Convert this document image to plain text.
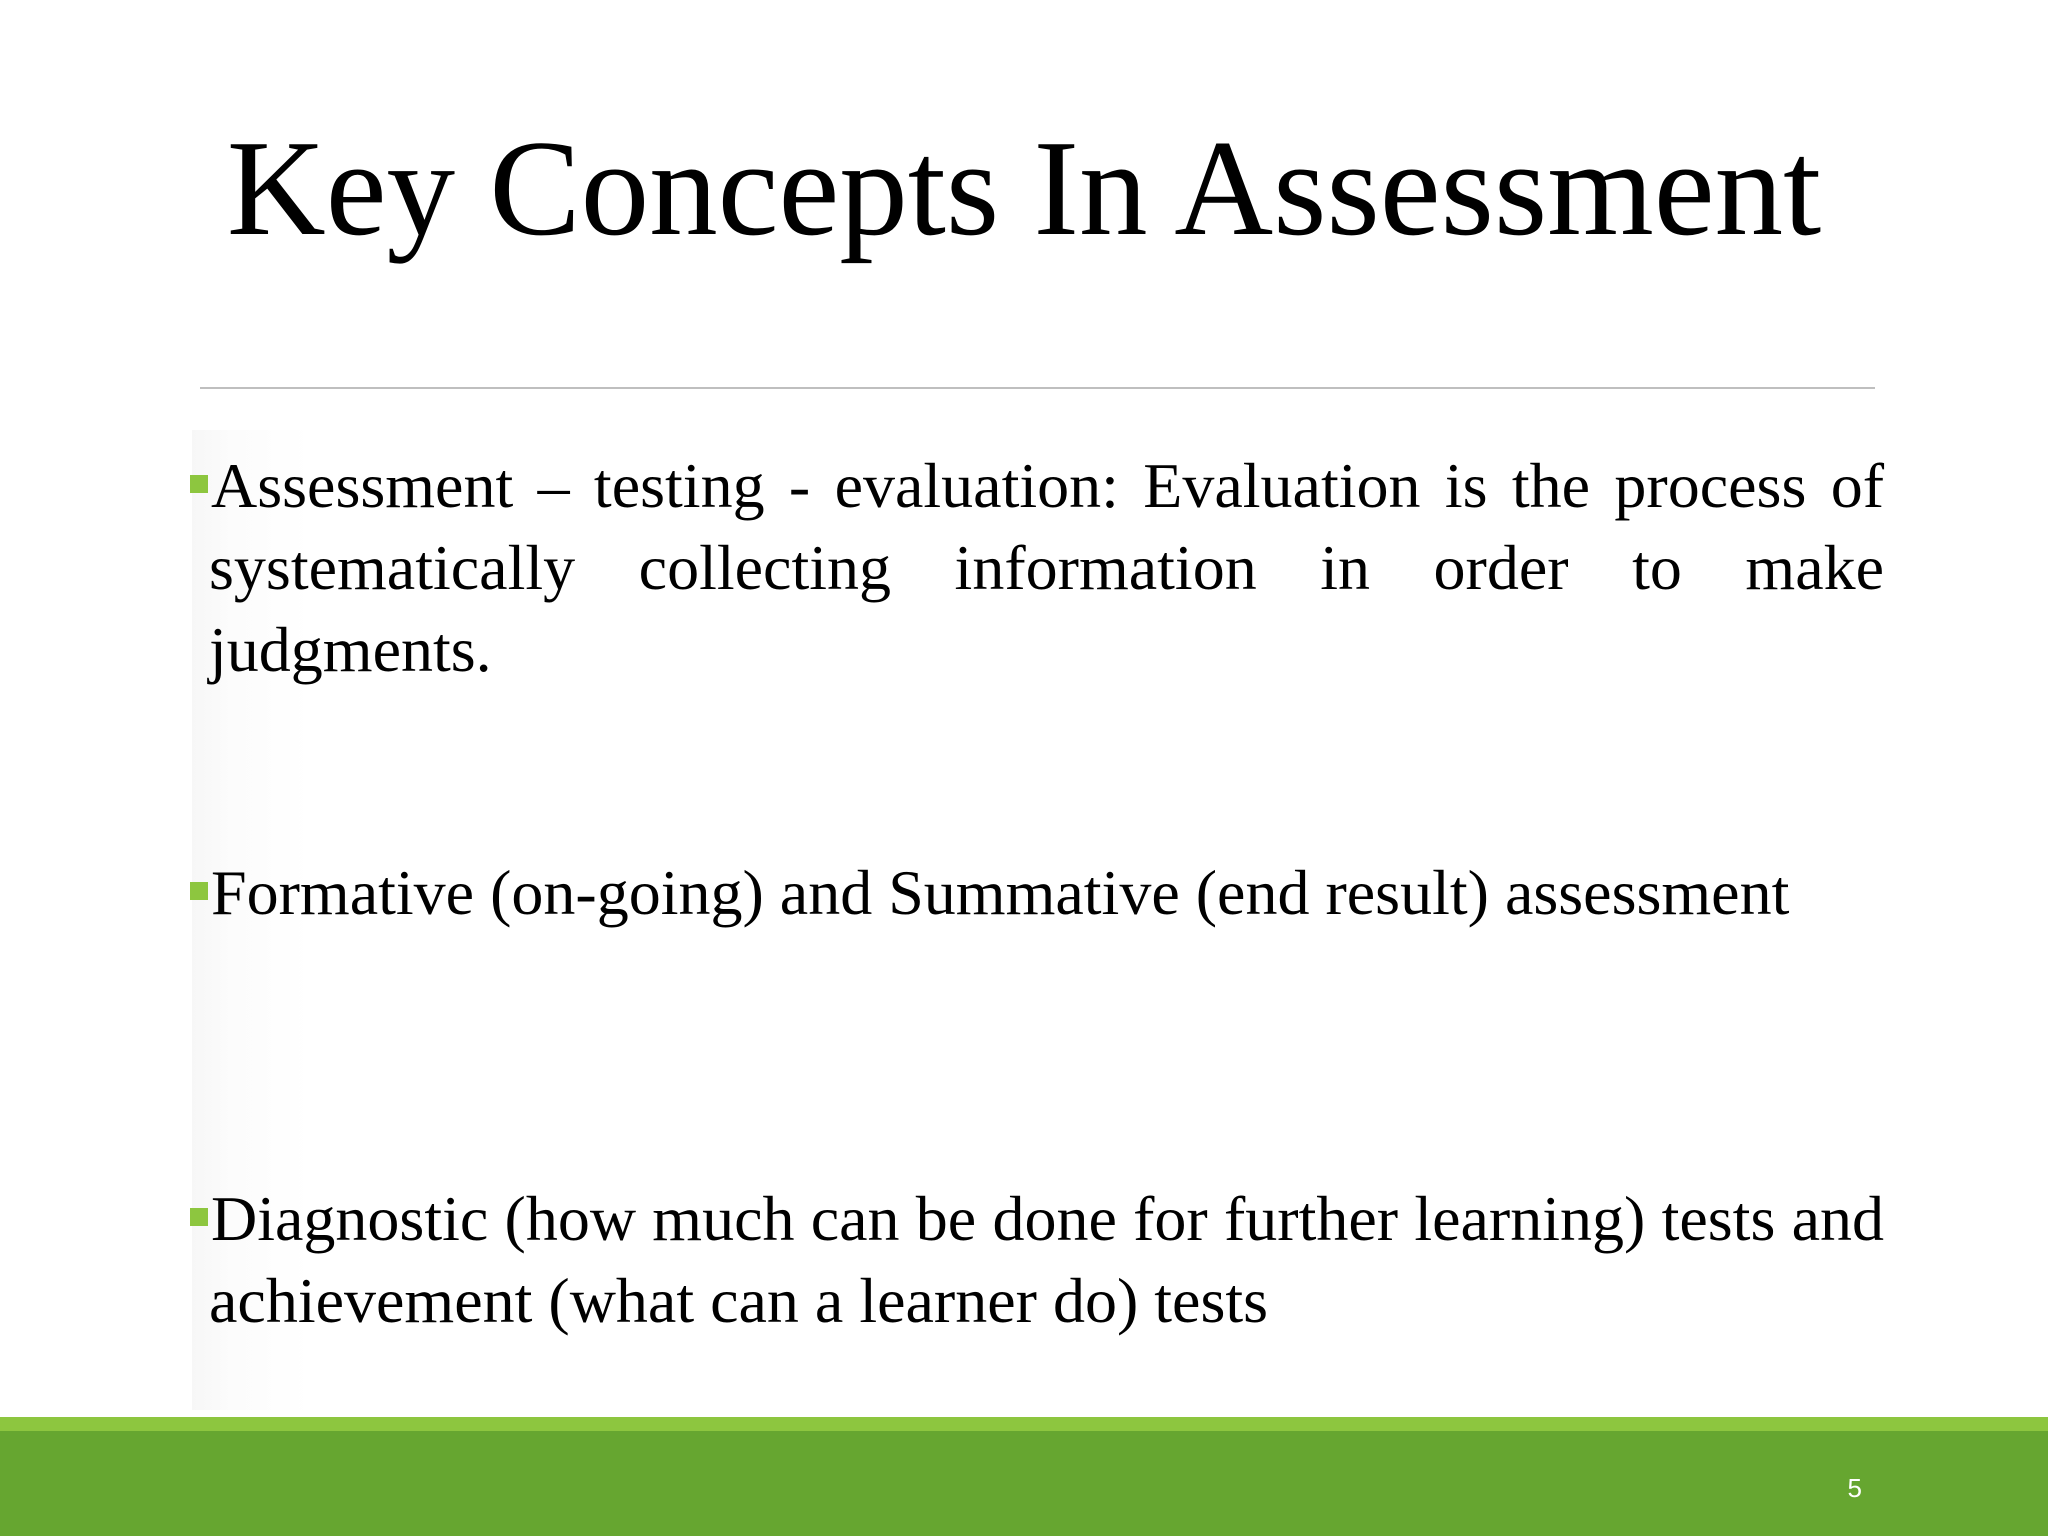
Key Concepts In Assessment
Assessment – testing - evaluation: Evaluation is the process of systematically collecting information in order to make judgments.
Formative (on-going) and Summative (end result) assessment
Diagnostic (how much can be done for further learning) tests and achievement (what can a learner do) tests
5
